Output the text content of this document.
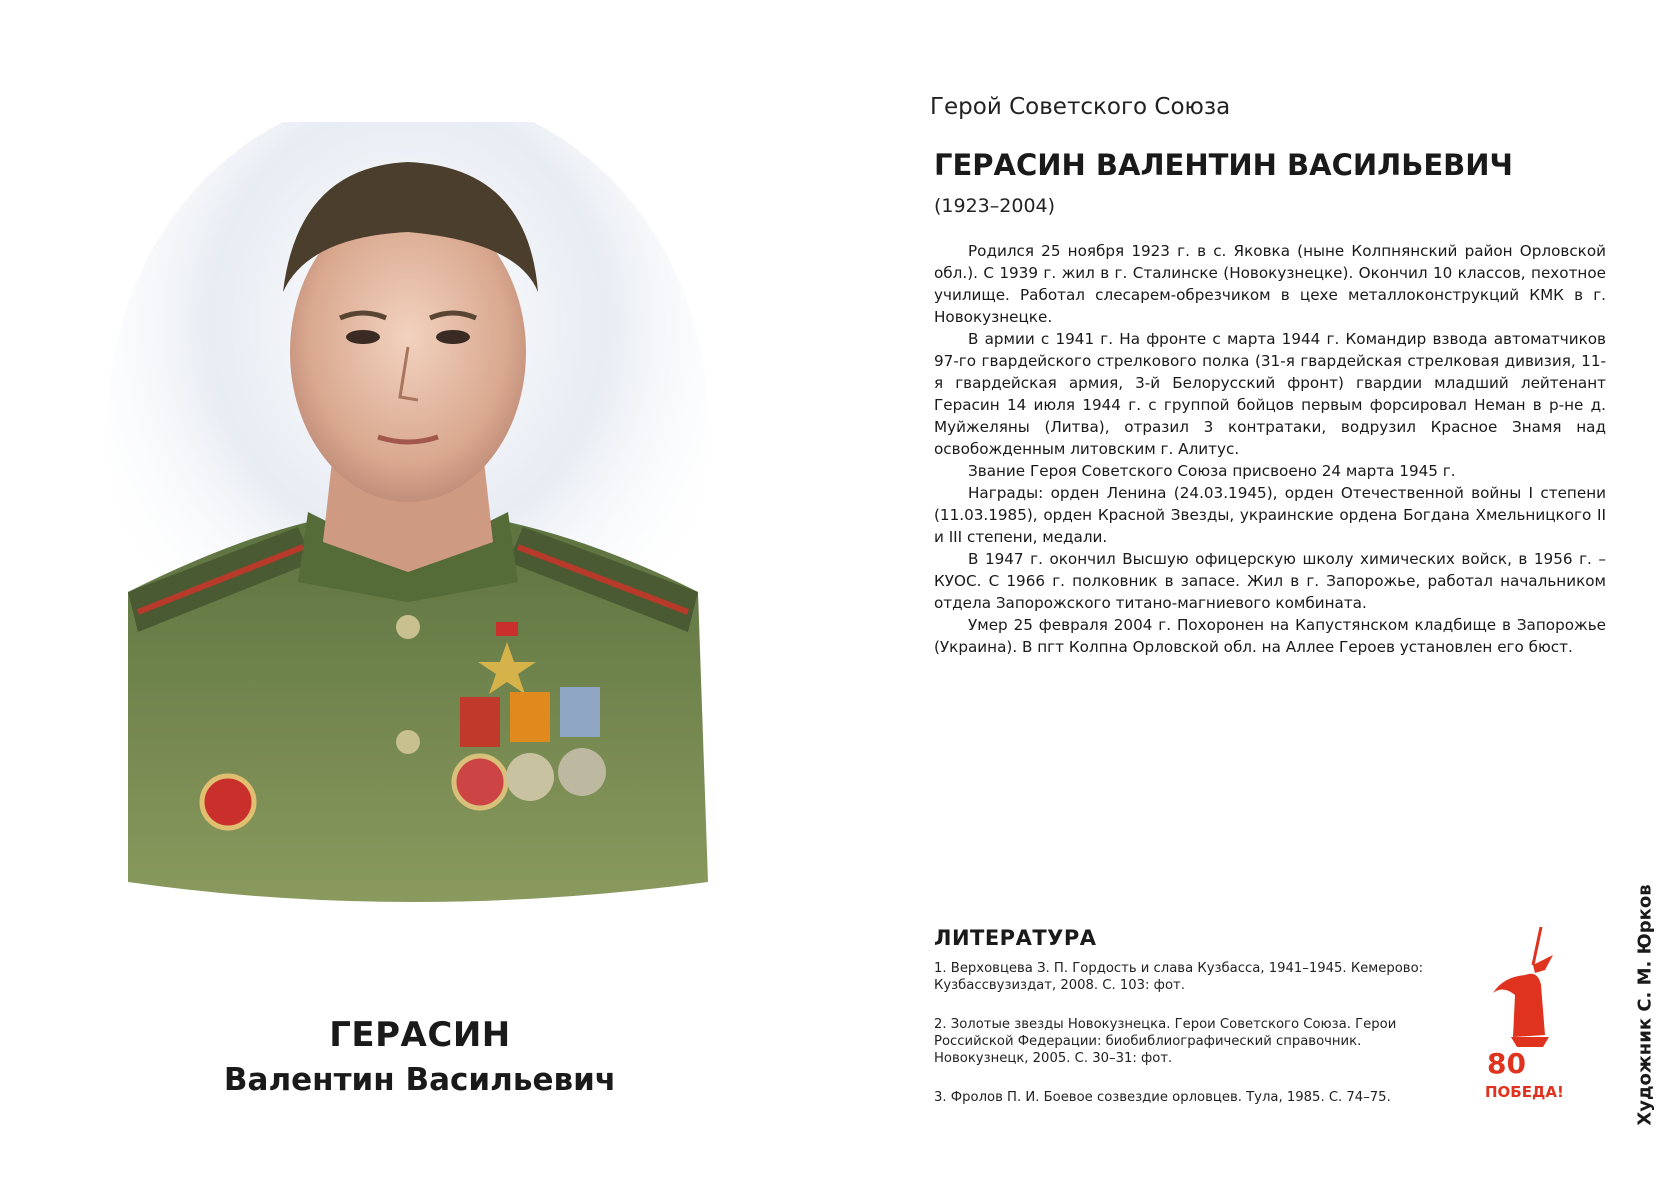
ГЕРАСИН
Валентин Васильевич
Герой Советского Союза
ГЕРАСИН ВАЛЕНТИН ВАСИЛЬЕВИЧ
(1923–2004)

Родился 25 ноября 1923 г. в с. Яковка (ныне Колпнянский район Орловской обл.). С 1939 г. жил в г. Сталинске (Новокузнецке). Окончил 10 классов, пехотное училище. Работал слесарем-обрезчиком в цехе металлоконструкций КМК в г. Новокузнецке.

В армии с 1941 г. На фронте с марта 1944 г. Командир взвода автоматчиков 97-го гвардейского стрелкового полка (31-я гвардейская стрелковая дивизия, 11-я гвардейская армия, 3-й Белорусский фронт) гвардии младший лейтенант Герасин 14 июля 1944 г. с группой бойцов первым форсировал Неман в р-не д. Муйжеляны (Литва), отразил 3 контратаки, водрузил Красное Знамя над освобожденным литовским г. Алитус.

Звание Героя Советского Союза присвоено 24 марта 1945 г.

Награды: орден Ленина (24.03.1945), орден Отечественной войны I степени (11.03.1985), орден Красной Звезды, украинские ордена Богдана Хмельницкого II и III степени, медали.

В 1947 г. окончил Высшую офицерскую школу химических войск, в 1956 г. – КУОС. С 1966 г. полковник в запасе. Жил в г. Запорожье, работал начальником отдела Запорожского титано-магниевого комбината.

Умер 25 февраля 2004 г. Похоронен на Капустянском кладбище в Запорожье (Украина). В пгт Колпна Орловской обл. на Аллее Героев установлен его бюст.

ЛИТЕРАТУРА
1. Верховцева З. П. Гордость и слава Кузбасса, 1941–1945. Кемерово: Кузбассвузиздат, 2008. С. 103: фот.
2. Золотые звезды Новокузнецка. Герои Советского Союза. Герои Российской Федерации: биобиблиографический справочник. Новокузнецк, 2005. С. 30–31: фот.
3. Фролов П. И. Боевое созвездие орловцев. Тула, 1985. С. 74–75.
80
ПОБЕДА!	Художник С. М. Юрков
